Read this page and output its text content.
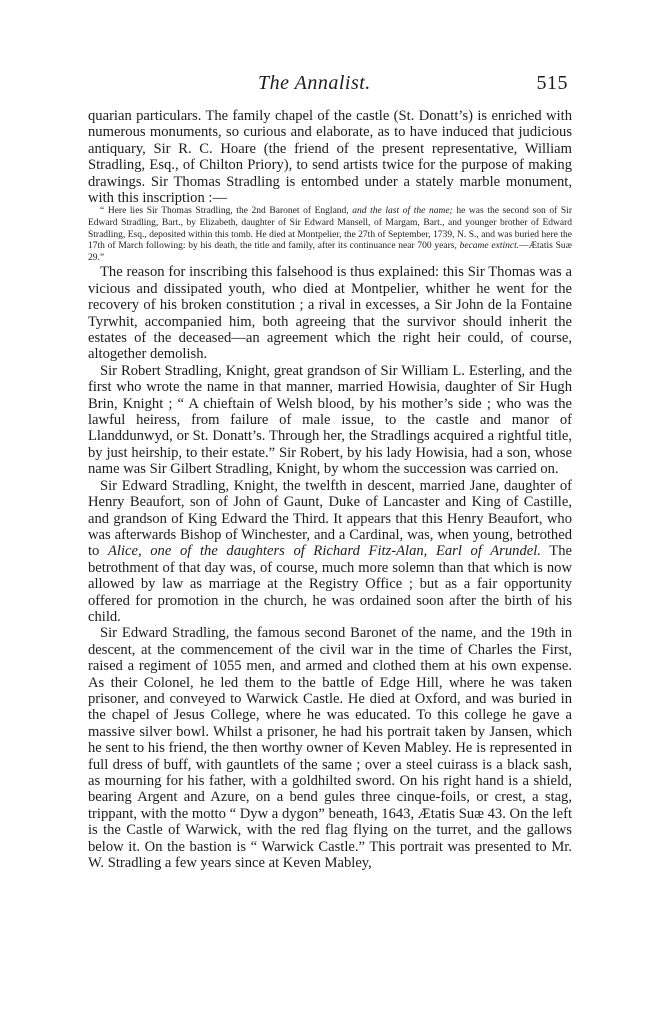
The Annalist.	515

quarian particulars. The family chapel of the castle (St. Donatt’s) is enriched with numerous monuments, so curious and elaborate, as to have induced that judicious antiquary, Sir R. C. Hoare (the friend of the present representative, William Stradling, Esq., of Chilton Priory), to send artists twice for the purpose of making drawings. Sir Thomas Stradling is entombed under a stately marble monument, with this inscription :—

“ Here lies Sir Thomas Stradling, the 2nd Baronet of England, and the last of the name; he was the second son of Sir Edward Stradling, Bart., by Elizabeth, daughter of Sir Edward Mansell, of Margam, Bart., and younger brother of Edward Stradling, Esq., deposited within this tomb. He died at Montpelier, the 27th of September, 1739, N. S., and was buried here the 17th of March following: by his death, the title and family, after its continuance near 700 years, became extinct.—Ætatis Suæ 29.”

The reason for inscribing this falsehood is thus explained: this Sir Thomas was a vicious and dissipated youth, who died at Montpelier, whither he went for the recovery of his broken constitution ; a rival in excesses, a Sir John de la Fontaine Tyrwhit, accompanied him, both agreeing that the survivor should inherit the estates of the deceased—an agreement which the right heir could, of course, altogether demolish.

Sir Robert Stradling, Knight, great grandson of Sir William L. Esterling, and the first who wrote the name in that manner, married Howisia, daughter of Sir Hugh Brin, Knight ; “ A chieftain of Welsh blood, by his mother’s side ; who was the lawful heiress, from failure of male issue, to the castle and manor of Llanddunwyd, or St. Donatt’s. Through her, the Stradlings acquired a rightful title, by just heirship, to their estate.” Sir Robert, by his lady Howisia, had a son, whose name was Sir Gilbert Stradling, Knight, by whom the succession was carried on.

Sir Edward Stradling, Knight, the twelfth in descent, married Jane, daughter of Henry Beaufort, son of John of Gaunt, Duke of Lancaster and King of Castille, and grandson of King Edward the Third. It appears that this Henry Beaufort, who was afterwards Bishop of Winchester, and a Cardinal, was, when young, betrothed to Alice, one of the daughters of Richard Fitz-Alan, Earl of Arundel. The betrothment of that day was, of course, much more solemn than that which is now allowed by law as marriage at the Registry Office ; but as a fair opportunity offered for promotion in the church, he was ordained soon after the birth of his child.

Sir Edward Stradling, the famous second Baronet of the name, and the 19th in descent, at the commencement of the civil war in the time of Charles the First, raised a regiment of 1055 men, and armed and clothed them at his own expense. As their Colonel, he led them to the battle of Edge Hill, where he was taken prisoner, and conveyed to Warwick Castle. He died at Oxford, and was buried in the chapel of Jesus College, where he was educated. To this college he gave a massive silver bowl. Whilst a prisoner, he had his portrait taken by Jansen, which he sent to his friend, the then worthy owner of Keven Mabley. He is represented in full dress of buff, with gauntlets of the same ; over a steel cuirass is a black sash, as mourning for his father, with a goldhilted sword. On his right hand is a shield, bearing Argent and Azure, on a bend gules three cinque-foils, or crest, a stag, trippant, with the motto “ Dyw a dygon” beneath, 1643, Ætatis Suæ 43. On the left is the Castle of Warwick, with the red flag flying on the turret, and the gallows below it. On the bastion is “ Warwick Castle.” This portrait was presented to Mr. W. Stradling a few years since at Keven Mabley,
